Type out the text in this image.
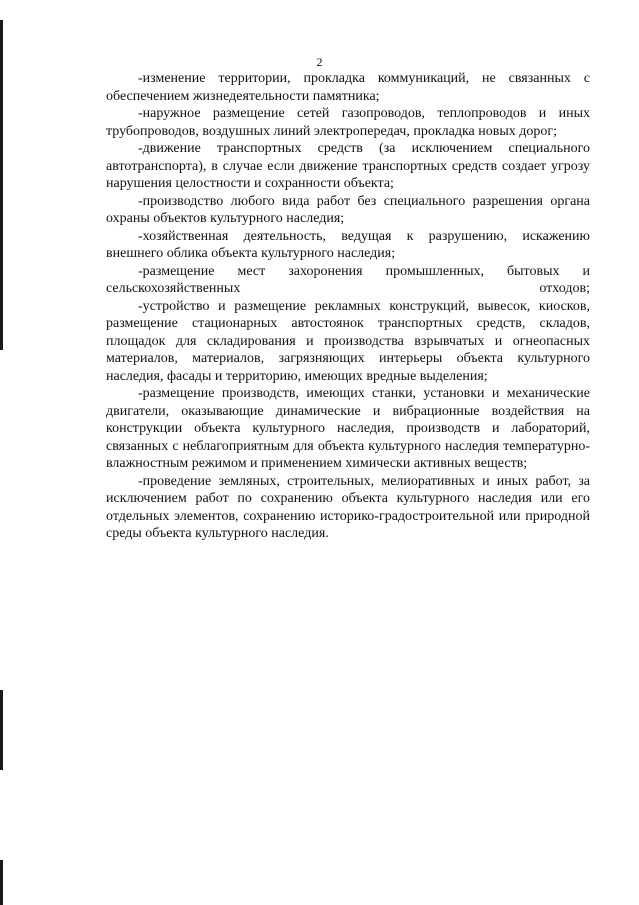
2

-изменение территории, прокладка коммуникаций, не связанных с обеспечением жизнедеятельности памятника;

-наружное размещение сетей газопроводов, теплопроводов и иных трубопроводов, воздушных линий электропередач, прокладка новых дорог;

-движение транспортных средств (за исключением специального автотранспорта), в случае если движение транспортных средств создает угрозу нарушения целостности и сохранности объекта;

-производство любого вида работ без специального разрешения органа охраны объектов культурного наследия;

-хозяйственная деятельность, ведущая к разрушению, искажению внешнего облика объекта культурного наследия;

-размещение мест захоронения промышленных, бытовых и сельскохозяйственных отходов;

-устройство и размещение рекламных конструкций, вывесок, киосков, размещение стационарных автостоянок транспортных средств, складов, площадок для складирования и производства взрывчатых и огнеопасных материалов, материалов, загрязняющих интерьеры объекта культурного наследия, фасады и территорию, имеющих вредные выделения;

-размещение производств, имеющих станки, установки и механические двигатели, оказывающие динамические и вибрационные воздействия на конструкции объекта культурного наследия, производств и лабораторий, связанных с неблагоприятным для объекта культурного наследия температурно-влажностным режимом и применением химически активных веществ;

-проведение земляных, строительных, мелиоративных и иных работ, за исключением работ по сохранению объекта культурного наследия или его отдельных элементов, сохранению историко-градостроительной или природной среды объекта культурного наследия.
